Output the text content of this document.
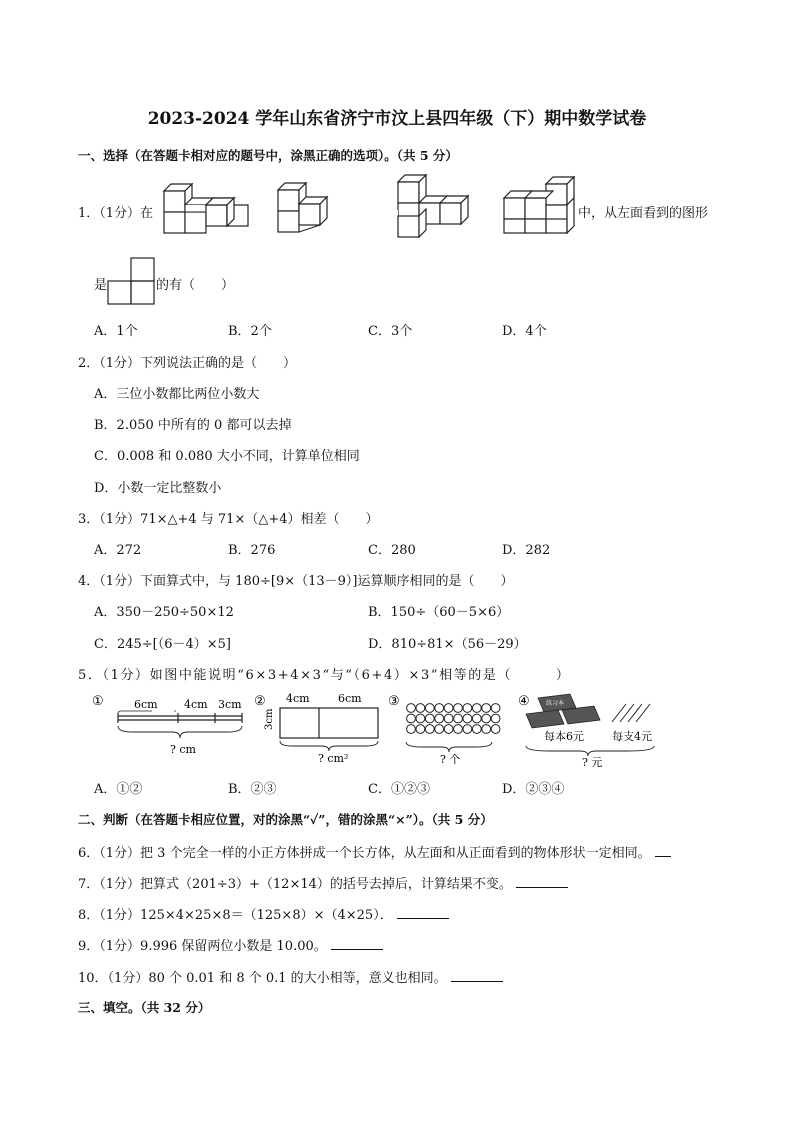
2023-2024 学年山东省济宁市汶上县四年级（下）期中数学试卷
一、选择（在答题卡相对应的题号中，涂黑正确的选项）。（共 5 分）
1．（1分）在	中，从左面看到的图形
是	的有（　　）
A．1个	B．2个	C．3个	D．4个
2．（1分）下列说法正确的是（　　）
A．三位小数都比两位小数大
B．2.050 中所有的 0 都可以去掉
C．0.008 和 0.080 大小不同，计算单位相同
D．小数一定比整数小
3．（1分）71×△+4 与 71×（△+4）相差（　　）
A．272	B．276	C．280	D．282
4．（1分）下面算式中，与 180÷[9×（13－9）]运算顺序相同的是（　　）
A．350－250÷50×12	B．150÷（60－5×6）
C．245÷[（6－4）×5]	D．810÷81×（56－29）
5．（1分）如图中能说明“6×3+4×3“与“（6+4）×3”相等的是（　　　）
①	6cm 4cm 3cm
? cm
② 4cm	6cm
3cm
? cm²
③
? 个
④	练习本
每本6元	每支4元
? 元
A．①②	B．②③	C．①②③	D．②③④
二、判断（在答题卡相应位置，对的涂黑“✓”，错的涂黑“×”）。（共 5 分）
6．（1分）把 3 个完全一样的小正方体拼成一个长方体，从左面和从正面看到的物体形状一定相同。
7．（1分）把算式（201÷3）+（12×14）的括号去掉后，计算结果不变。
8．（1分）125×4×25×8＝（125×8）×（4×25）．
9．（1分）9.996 保留两位小数是 10.00。
10．（1分）80 个 0.01 和 8 个 0.1 的大小相等，意义也相同。
三、填空。（共 32 分）
